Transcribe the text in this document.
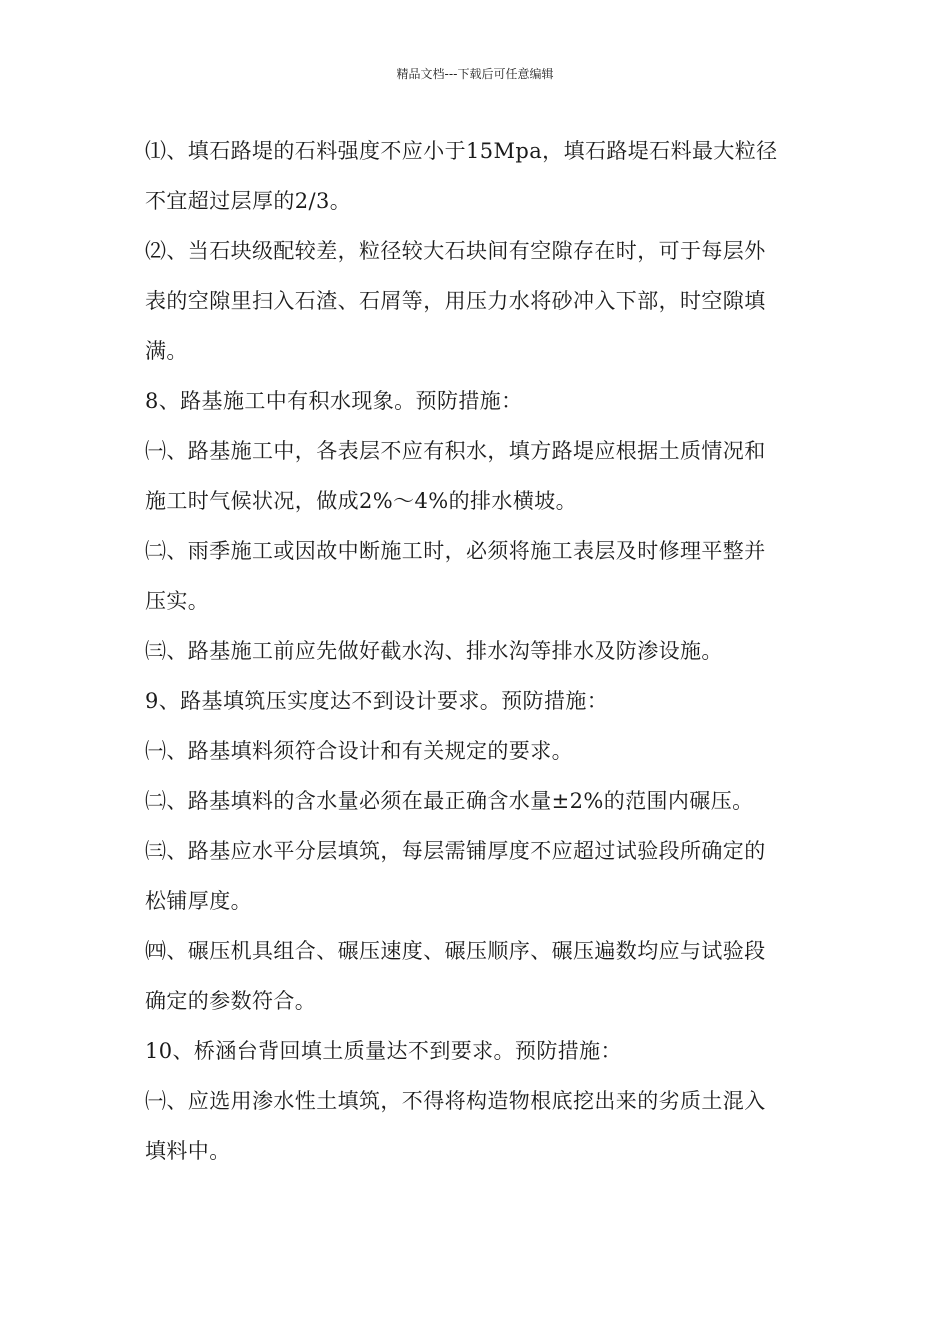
精品文档---下载后可任意编辑
⑴、填石路堤的石料强度不应小于15Mpa，填石路堤石料最大粒径
不宜超过层厚的2/3。
⑵、当石块级配较差，粒径较大石块间有空隙存在时，可于每层外
表的空隙里扫入石渣、石屑等，用压力水将砂冲入下部，时空隙填
满。
8、路基施工中有积水现象。预防措施：
㈠、路基施工中，各表层不应有积水，填方路堤应根据土质情况和
施工时气候状况，做成2%～4%的排水横坡。
㈡、雨季施工或因故中断施工时，必须将施工表层及时修理平整并
压实。
㈢、路基施工前应先做好截水沟、排水沟等排水及防渗设施。
9、路基填筑压实度达不到设计要求。预防措施：
㈠、路基填料须符合设计和有关规定的要求。
㈡、路基填料的含水量必须在最正确含水量±2%的范围内碾压。
㈢、路基应水平分层填筑，每层需铺厚度不应超过试验段所确定的
松铺厚度。
㈣、碾压机具组合、碾压速度、碾压顺序、碾压遍数均应与试验段
确定的参数符合。
10、桥涵台背回填土质量达不到要求。预防措施：
㈠、应选用渗水性土填筑，不得将构造物根底挖出来的劣质土混入
填料中。
